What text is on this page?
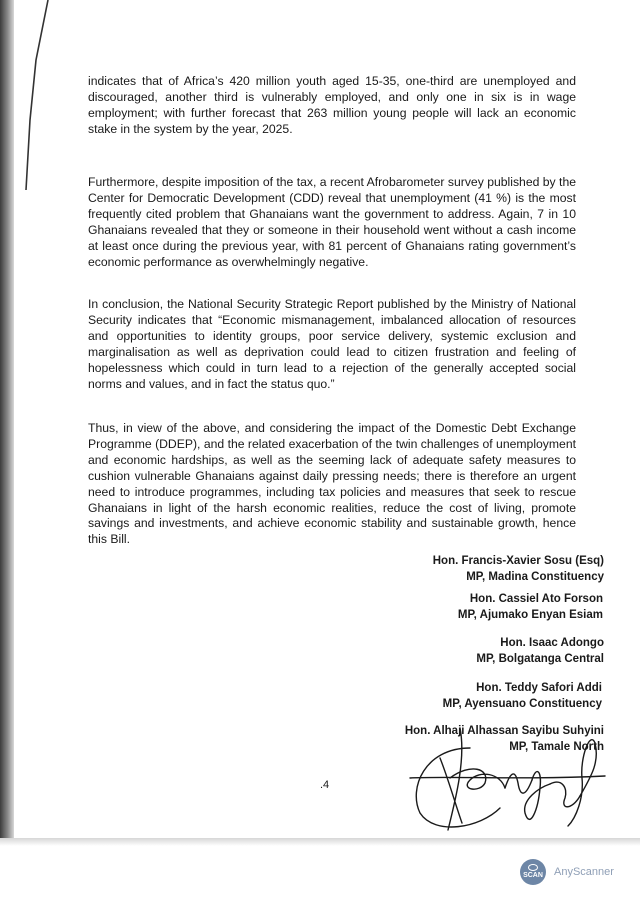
indicates that of Africa’s 420 million youth aged 15-35, one-third are unemployed and discouraged, another third is vulnerably employed, and only one in six is in wage employment; with further forecast that 263 million young people will lack an economic stake in the system by the year, 2025.

Furthermore, despite imposition of the tax, a recent Afrobarometer survey published by the Center for Democratic Development (CDD) reveal that unemployment (41 %) is the most frequently cited problem that Ghanaians want the government to address. Again, 7 in 10 Ghanaians revealed that they or someone in their household went without a cash income at least once during the previous year, with 81 percent of Ghanaians rating government’s economic performance as overwhelmingly negative.

In conclusion, the National Security Strategic Report published by the Ministry of National Security indicates that “Economic mismanagement, imbalanced allocation of resources and opportunities to identity groups, poor service delivery, systemic exclusion and marginalisation as well as deprivation could lead to citizen frustration and feeling of hopelessness which could in turn lead to a rejection of the generally accepted social norms and values, and in fact the status quo.”

Thus, in view of the above, and considering the impact of the Domestic Debt Exchange Programme (DDEP), and the related exacerbation of the twin challenges of unemployment and economic hardships, as well as the seeming lack of adequate safety measures to cushion vulnerable Ghanaians against daily pressing needs; there is therefore an urgent need to introduce programmes, including tax policies and measures that seek to rescue Ghanaians in light of the harsh economic realities, reduce the cost of living, promote savings and investments, and achieve economic stability and sustainable growth, hence this Bill.

Hon. Francis-Xavier Sosu (Esq)
MP, Madina Constituency
Hon. Cassiel Ato Forson
MP, Ajumako Enyan Esiam
Hon. Isaac Adongo
MP, Bolgatanga Central
Hon. Teddy Safori Addi
MP, Ayensuano Constituency
Hon. Alhaji Alhassan Sayibu Suhyini
MP, Tamale North

.4

SCAN AnyScanner
